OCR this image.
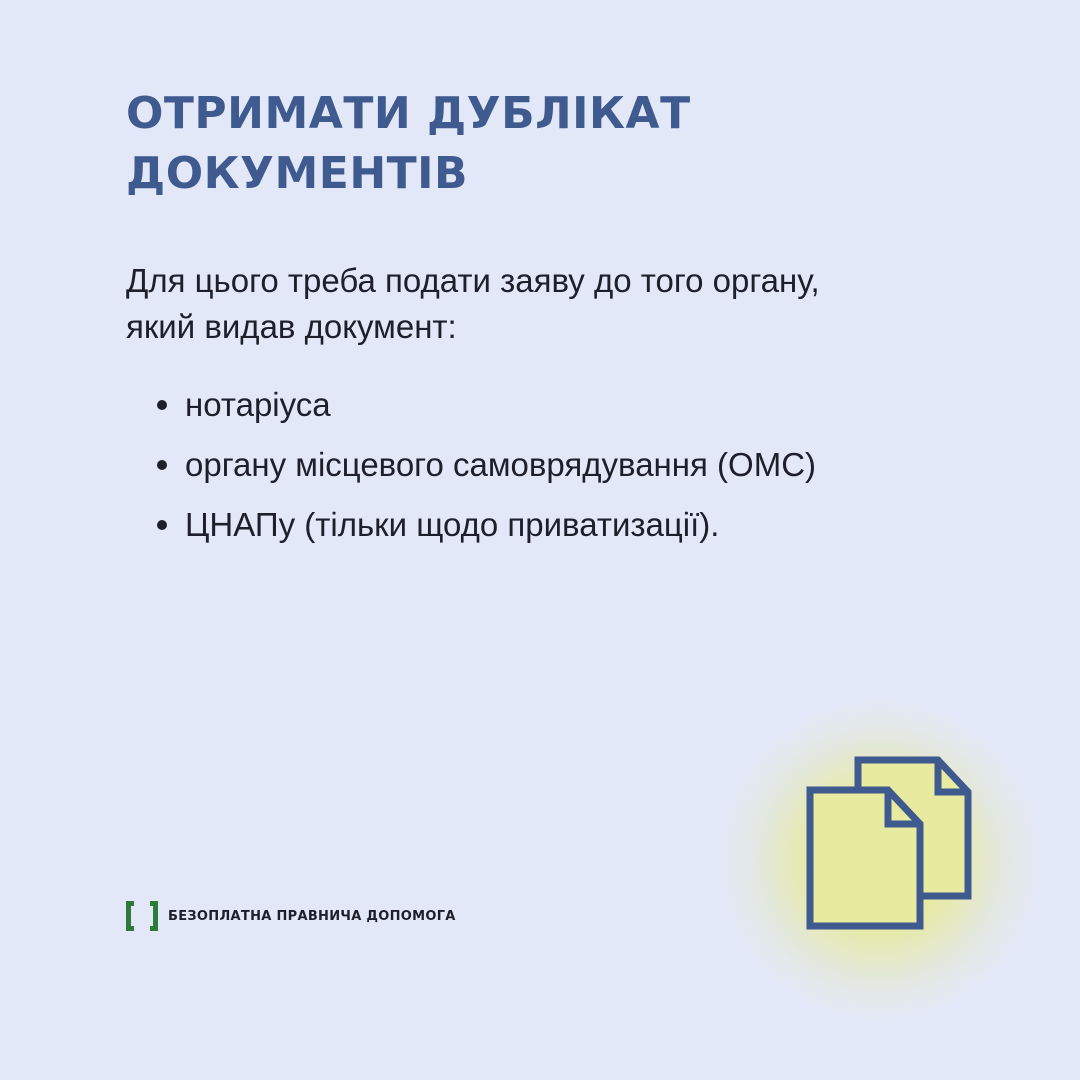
ОТРИМАТИ ДУБЛІКАТ
ДОКУМЕНТІВ

Для цього треба подати заяву до того органу,
який видав документ:

нотаріуса
органу місцевого самоврядування (ОМС)
ЦНАПу (тільки щодо приватизації).
БЕЗОПЛАТНА ПРАВНИЧА ДОПОМОГА
